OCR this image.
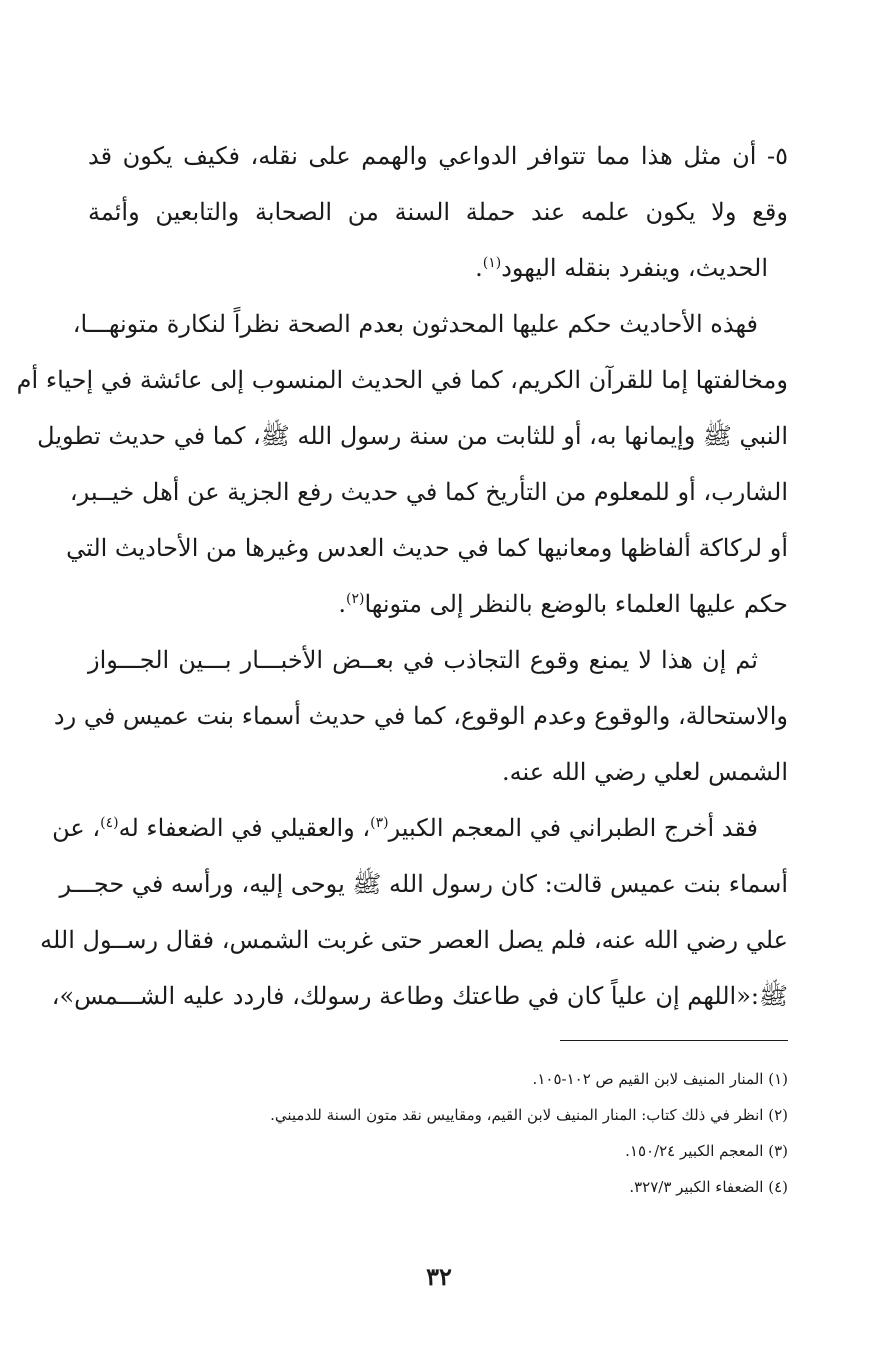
٥- أن مثل هذا مما تتوافر الدواعي والهمم على نقله، فكيف يكون قد
وقع ولا يكون علمه عند حملة السنة من الصحابة والتابعين وأئمة
الحديث، وينفرد بنقله اليهود$^{(١)}$.
فهذه الأحاديث حكم عليها المحدثون بعدم الصحة نظراً لنكارة متونهـــا،
ومخالفتها إما للقرآن الكريم، كما في الحديث المنسوب إلى عائشة في إحياء أم
النبي ﷺ وإيمانها به، أو للثابت من سنة رسول الله ﷺ، كما في حديث تطويل
الشارب، أو للمعلوم من التأريخ كما في حديث رفع الجزية عن أهل خيــبر،
أو لركاكة ألفاظها ومعانيها كما في حديث العدس وغيرها من الأحاديث التي
حكم عليها العلماء بالوضع بالنظر إلى متونها$^{(٢)}$.
ثم إن هذا لا يمنع وقوع التجاذب في بعــض الأخبـــار بـــين الجـــواز
والاستحالة، والوقوع وعدم الوقوع، كما في حديث أسماء بنت عميس في رد
الشمس لعلي رضي الله عنه.
فقد أخرج الطبراني في المعجم الكبير$^{(٣)}$، والعقيلي في الضعفاء له$^{(٤)}$، عن
أسماء بنت عميس قالت: كان رسول الله ﷺ يوحى إليه، ورأسه في حجـــر
علي رضي الله عنه، فلم يصل العصر حتى غربت الشمس، فقال رســول الله
ﷺ:«اللهم إن علياً كان في طاعتك وطاعة رسولك، فاردد عليه الشـــمس»،
(١) المنار المنيف لابن القيم ص ١٠٢-١٠٥.
(٢) انظر في ذلك كتاب: المنار المنيف لابن القيم، ومقاييس نقد متون السنة للدميني.
(٣) المعجم الكبير ١٥٠/٢٤.
(٤) الضعفاء الكبير ٣٢٧/٣.
٣٢
